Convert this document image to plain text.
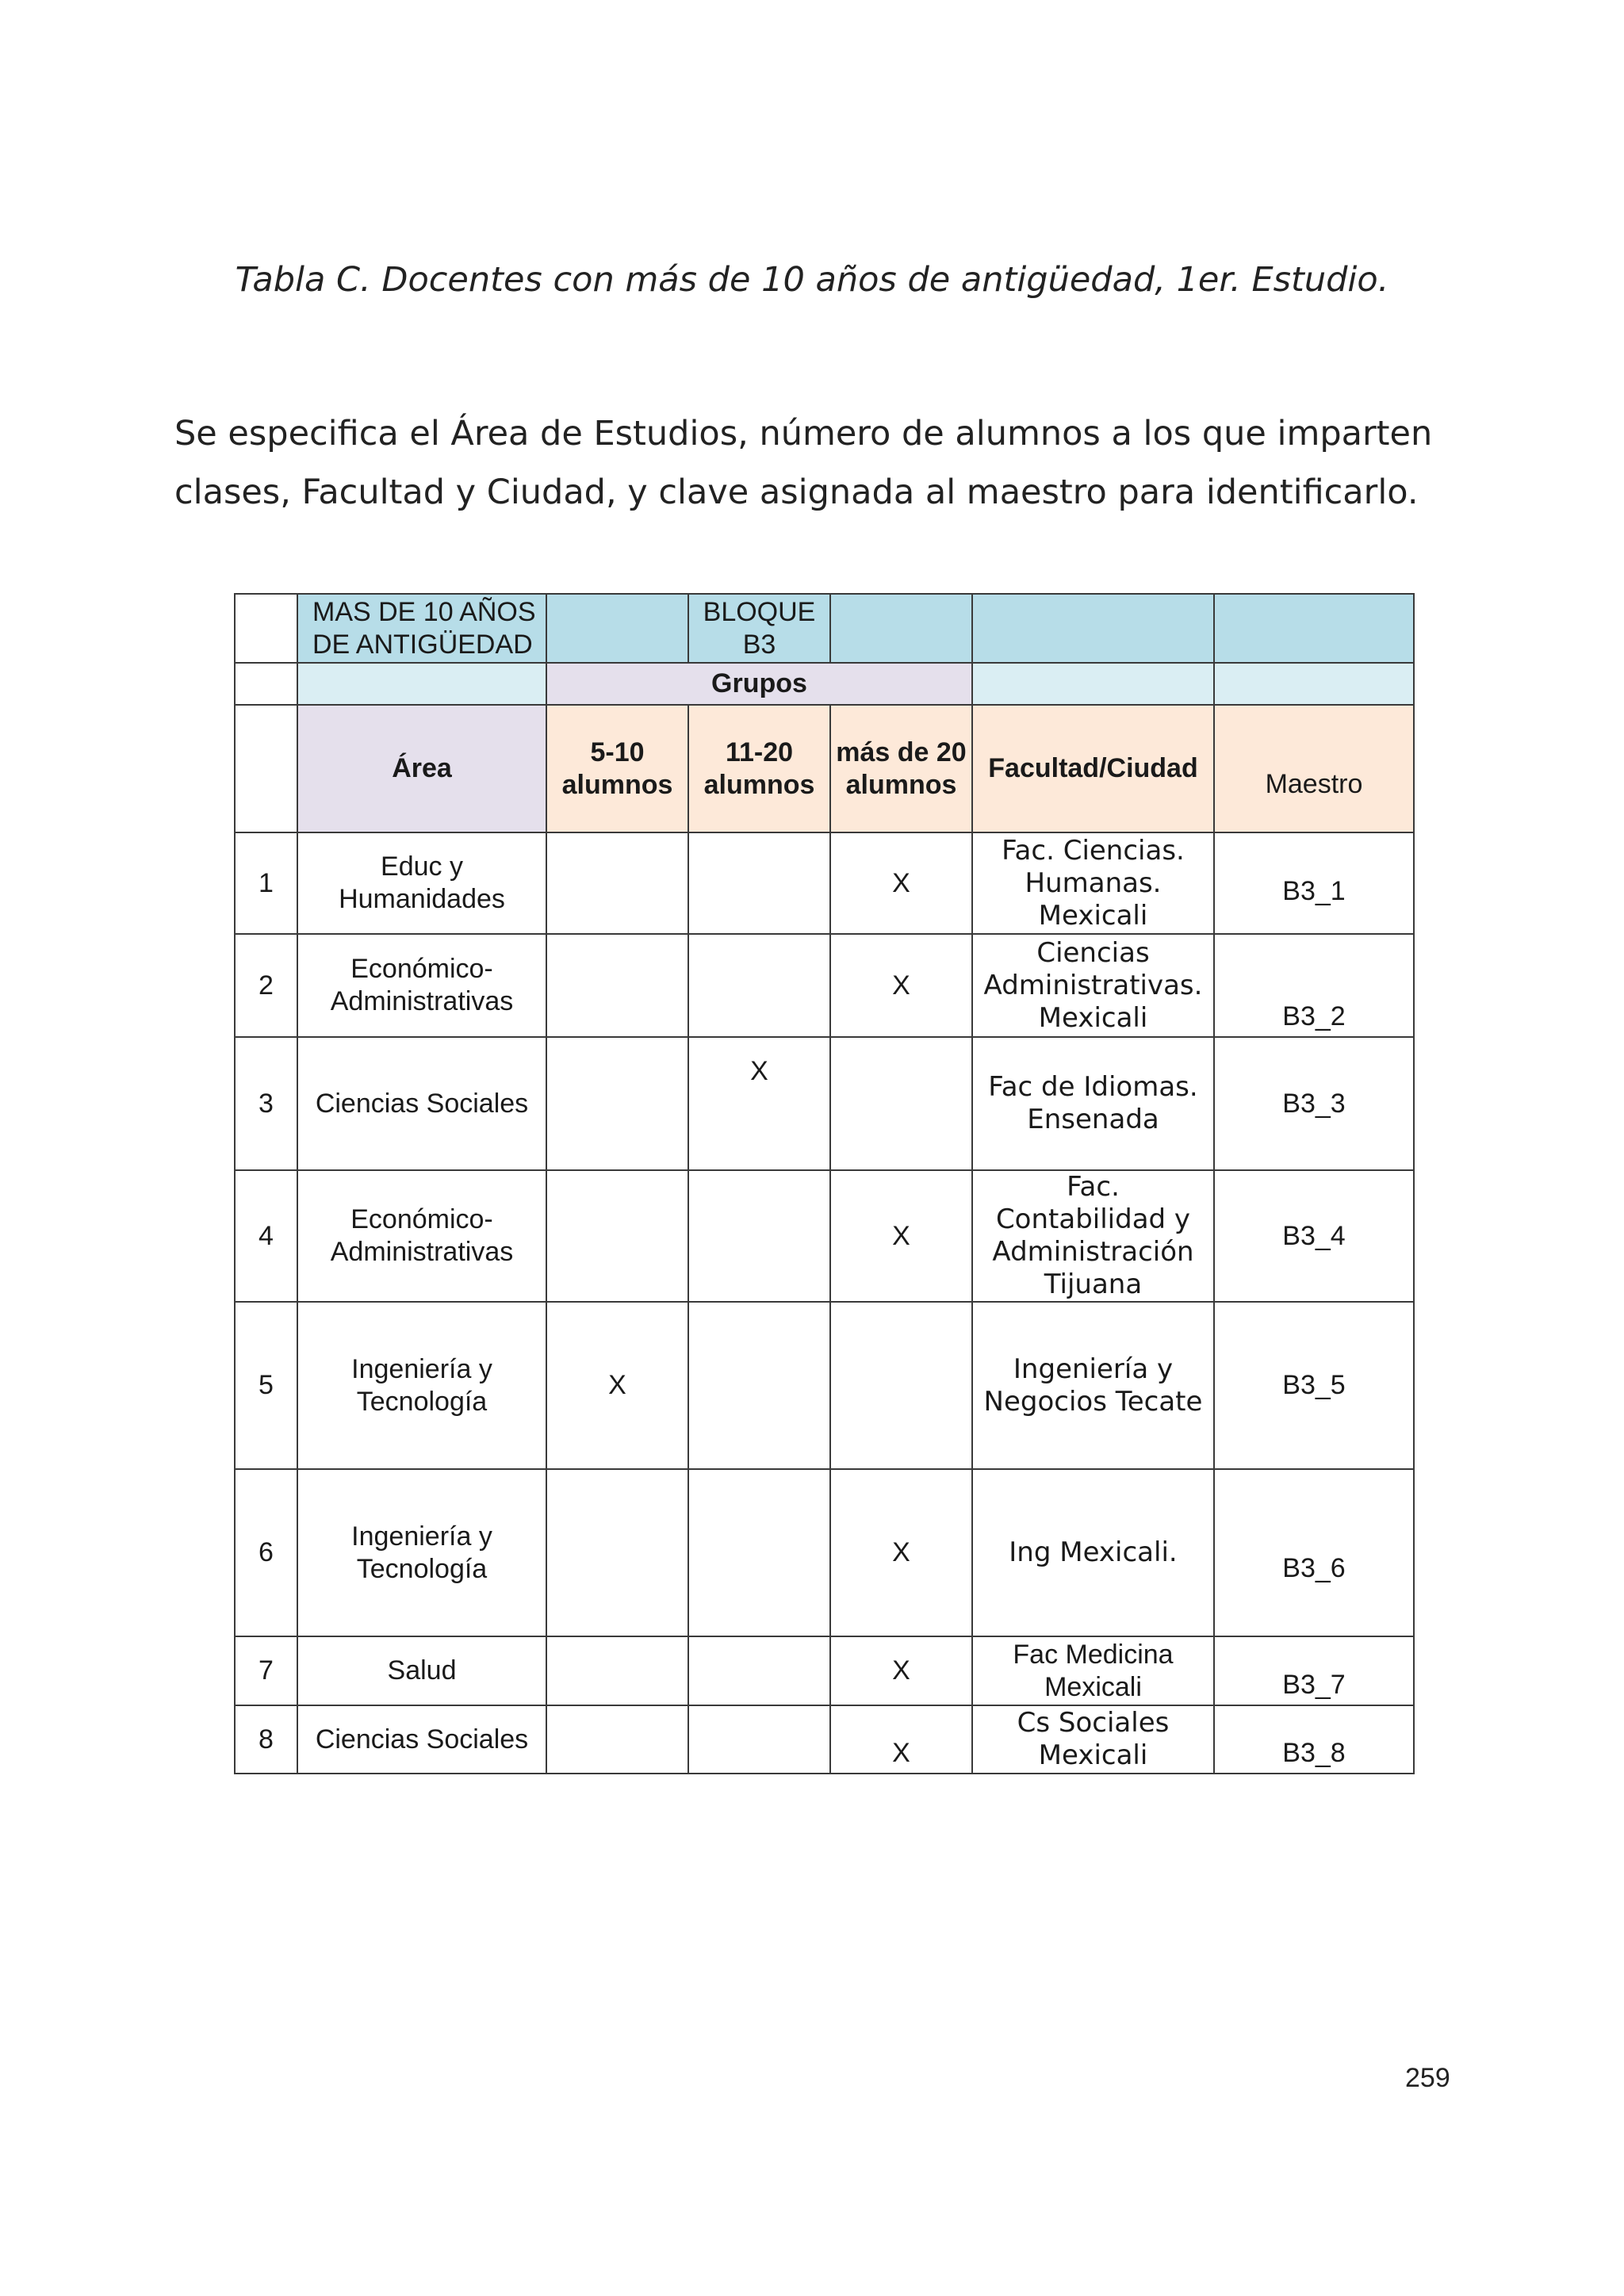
Tabla C. Docentes con más de 10 años de antigüedad, 1er. Estudio.
Se especifica el Área de Estudios, número de alumnos a los que imparten clases, Facultad y Ciudad, y clave asignada al maestro para identificarlo.
	MAS DE 10 AÑOS DE ANTIGÜEDAD		BLOQUE B3			
		Grupos				
	Área	5-10 alumnos	11-20 alumnos	más de 20 alumnos	Facultad/Ciudad	Maestro
1	Educ y Humanidades			X	Fac. Ciencias. Humanas. Mexicali	B3_1
2	Económico-Administrativas			X	Ciencias Administrativas. Mexicali	B3_2
3	Ciencias Sociales		X		Fac de Idiomas. Ensenada	B3_3
4	Económico-Administrativas			X	Fac. Contabilidad y Administración Tijuana	B3_4
5	Ingeniería y Tecnología	X			Ingeniería y Negocios Tecate	B3_5
6	Ingeniería y Tecnología			X	Ing Mexicali.	B3_6
7	Salud			X	Fac Medicina Mexicali	B3_7
8	Ciencias Sociales			X	Cs Sociales Mexicali	B3_8
259
